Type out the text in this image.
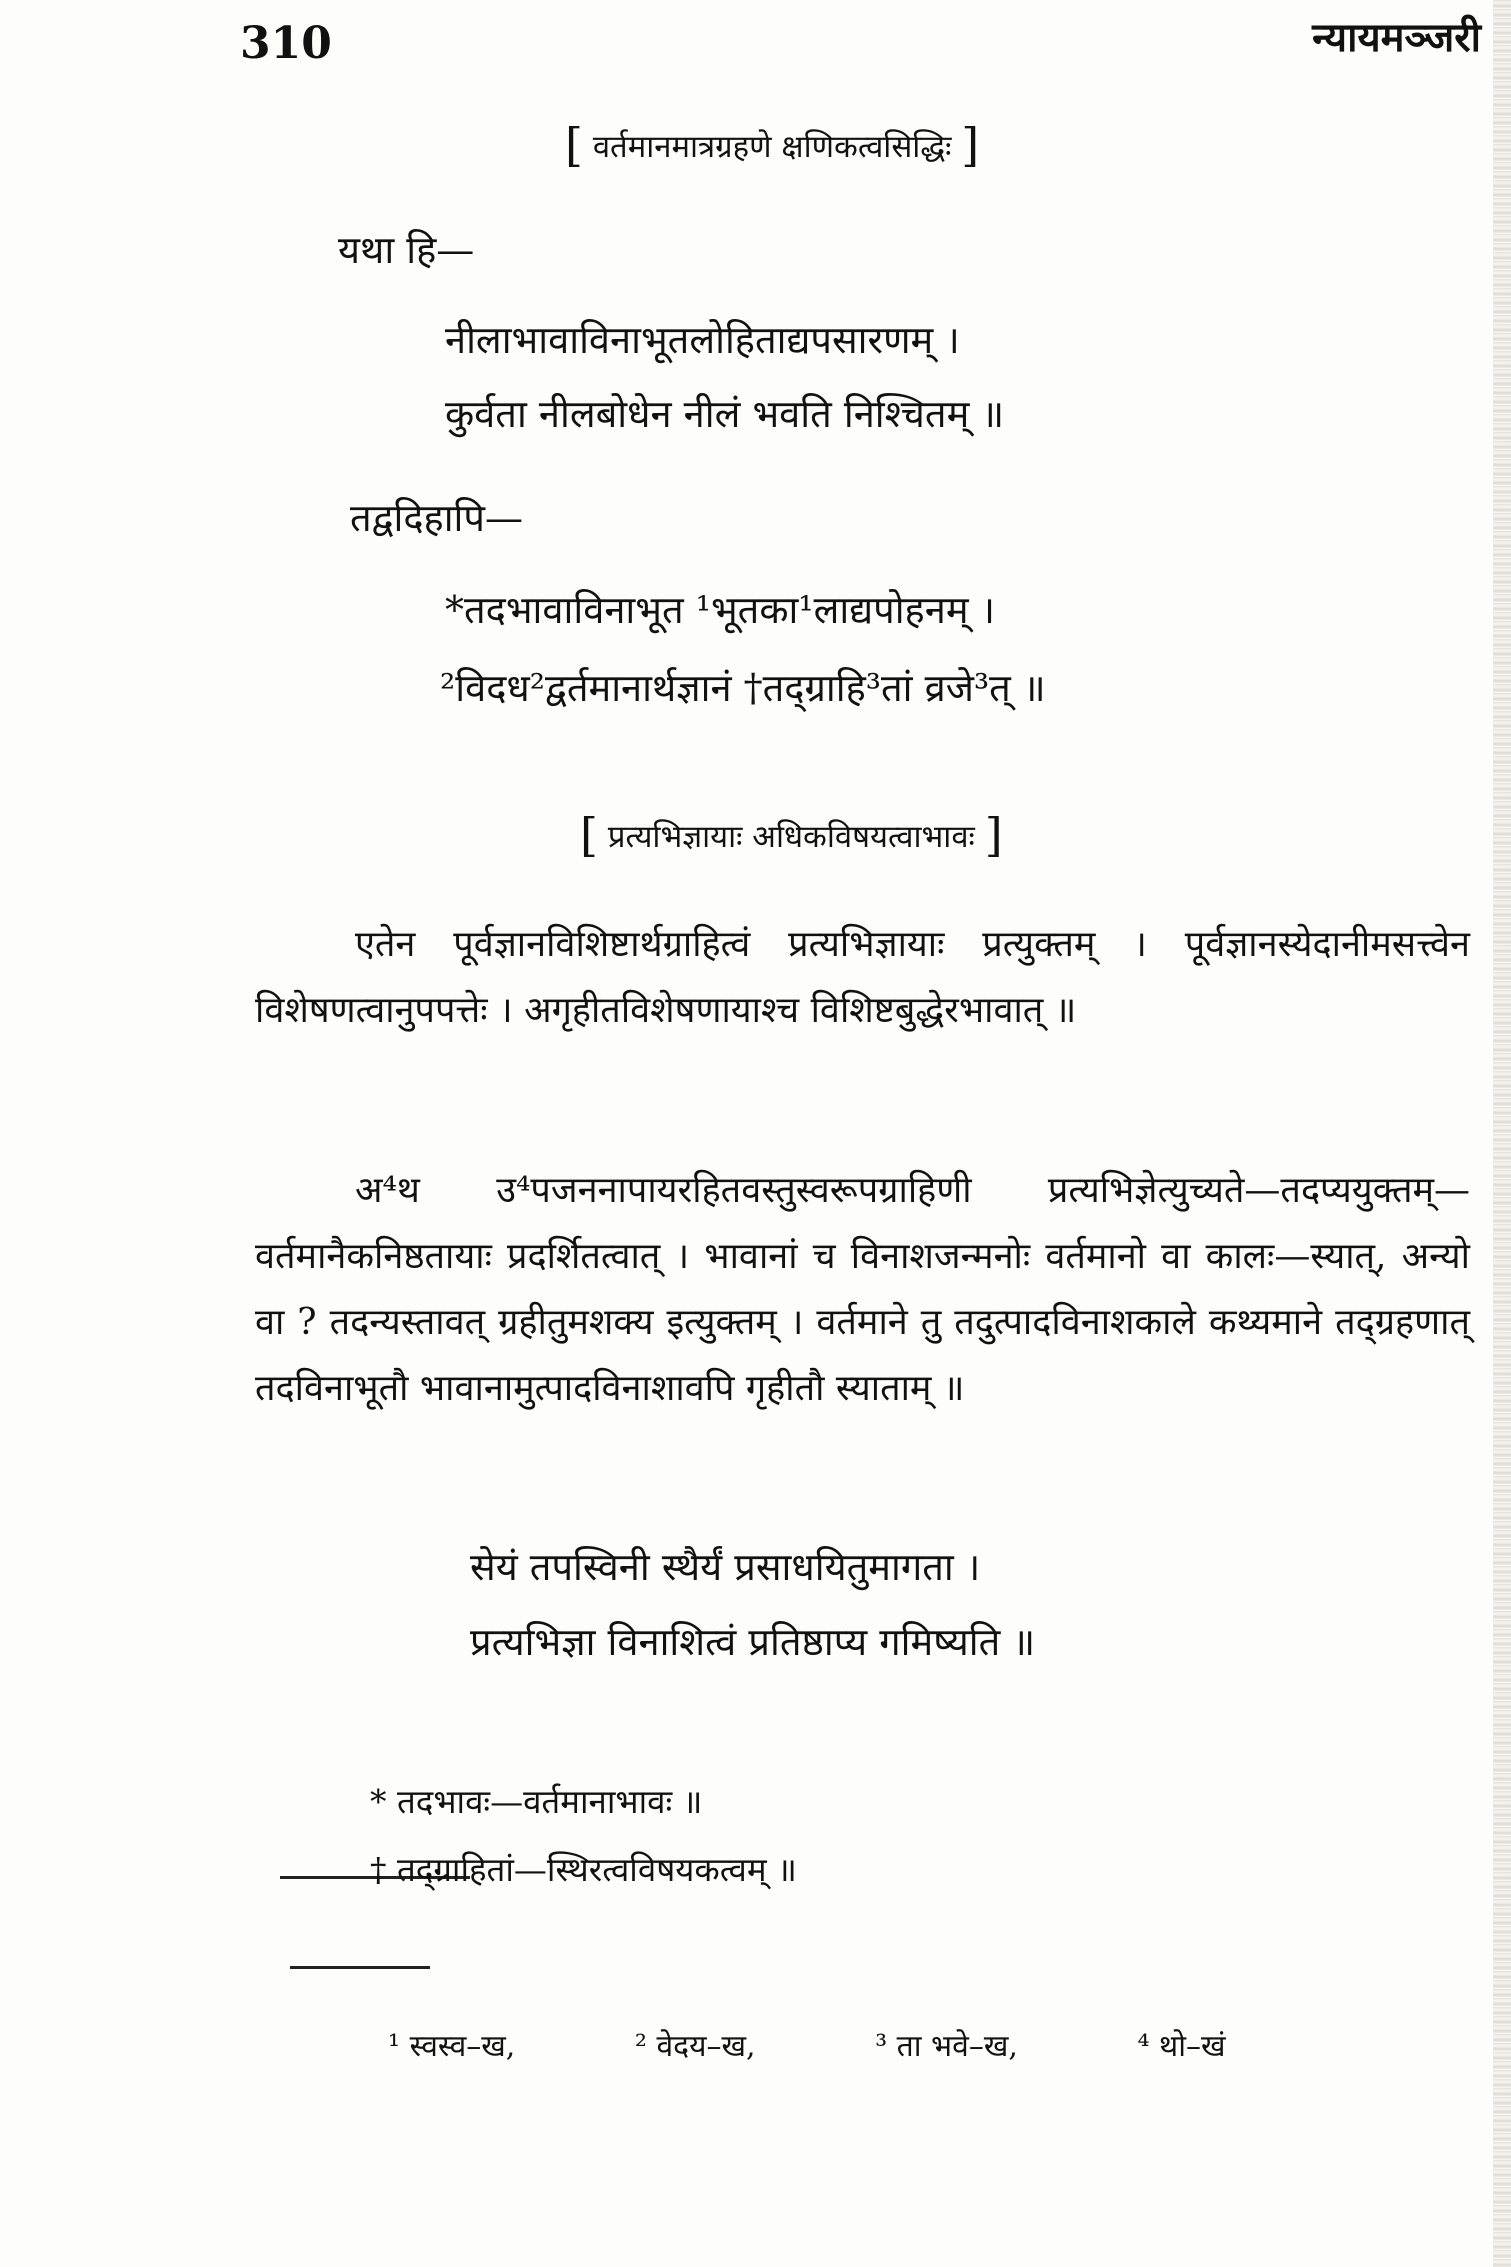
310	न्यायमञ्जरी
[ वर्तमानमात्रग्रहणे क्षणिकत्वसिद्धिः ]
यथा हि—
नीलाभावाविनाभूतलोहिताद्यपसारणम् ।
कुर्वता नीलबोधेन नीलं भवति निश्चितम् ॥
तद्वदिहापि—
*तदभावाविनाभूत ¹भूतका¹लाद्यपोहनम् ।
²विदध²द्वर्तमानार्थज्ञानं †तद्ग्राहि³तां व्रजे³त् ॥
[ प्रत्यभिज्ञायाः अधिकविषयत्वाभावः ]
एतेन पूर्वज्ञानविशिष्टार्थग्राहित्वं प्रत्यभिज्ञायाः प्रत्युक्तम् । पूर्वज्ञानस्येदानीमसत्त्वेन विशेषणत्वानुपपत्तेः । अगृहीतविशेषणायाश्च विशिष्टबुद्धेरभावात् ॥
अ⁴थ उ⁴पजननापायरहितवस्तुस्वरूपग्राहिणी प्रत्यभिज्ञेत्युच्यते—तदप्ययुक्तम्—वर्तमानैकनिष्ठतायाः प्रदर्शितत्वात् । भावानां च विनाशजन्मनोः वर्तमानो वा कालः—स्यात्, अन्यो वा ? तदन्यस्तावत् ग्रहीतुमशक्य इत्युक्तम् । वर्तमाने तु तदुत्पादविनाशकाले कथ्यमाने तद्ग्रहणात् तदविनाभूतौ भावानामुत्पादविनाशावपि गृहीतौ स्याताम् ॥
सेयं तपस्विनी स्थैर्यं प्रसाधयितुमागता ।
प्रत्यभिज्ञा विनाशित्वं प्रतिष्ठाप्य गमिष्यति ॥
* तदभावः—वर्तमानाभावः ॥
† तद्ग्राहितां—स्थिरत्वविषयकत्वम् ॥
¹ स्वस्व–ख,	² वेदय–ख,	³ ता भवे–ख,	⁴ थो–खं
